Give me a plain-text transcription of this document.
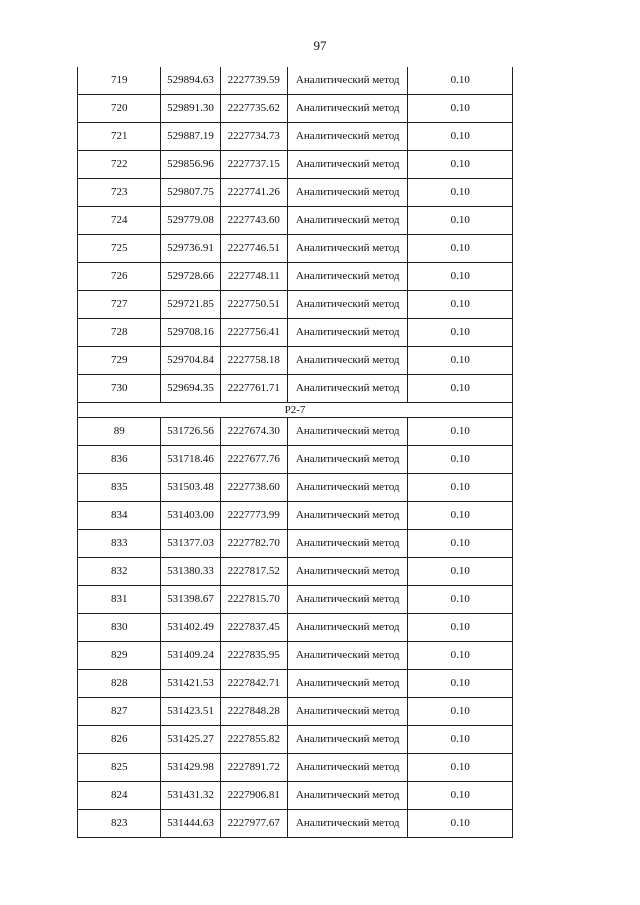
97
719	529894.63	2227739.59	Аналитический метод	0.10
720	529891.30	2227735.62	Аналитический метод	0.10
721	529887.19	2227734.73	Аналитический метод	0.10
722	529856.96	2227737.15	Аналитический метод	0.10
723	529807.75	2227741.26	Аналитический метод	0.10
724	529779.08	2227743.60	Аналитический метод	0.10
725	529736.91	2227746.51	Аналитический метод	0.10
726	529728.66	2227748.11	Аналитический метод	0.10
727	529721.85	2227750.51	Аналитический метод	0.10
728	529708.16	2227756.41	Аналитический метод	0.10
729	529704.84	2227758.18	Аналитический метод	0.10
730	529694.35	2227761.71	Аналитический метод	0.10
Р2-7				
89	531726.56	2227674.30	Аналитический метод	0.10
836	531718.46	2227677.76	Аналитический метод	0.10
835	531503.48	2227738.60	Аналитический метод	0.10
834	531403.00	2227773.99	Аналитический метод	0.10
833	531377.03	2227782.70	Аналитический метод	0.10
832	531380.33	2227817.52	Аналитический метод	0.10
831	531398.67	2227815.70	Аналитический метод	0.10
830	531402.49	2227837.45	Аналитический метод	0.10
829	531409.24	2227835.95	Аналитический метод	0.10
828	531421.53	2227842.71	Аналитический метод	0.10
827	531423.51	2227848.28	Аналитический метод	0.10
826	531425.27	2227855.82	Аналитический метод	0.10
825	531429.98	2227891.72	Аналитический метод	0.10
824	531431.32	2227906.81	Аналитический метод	0.10
823	531444.63	2227977.67	Аналитический метод	0.10
